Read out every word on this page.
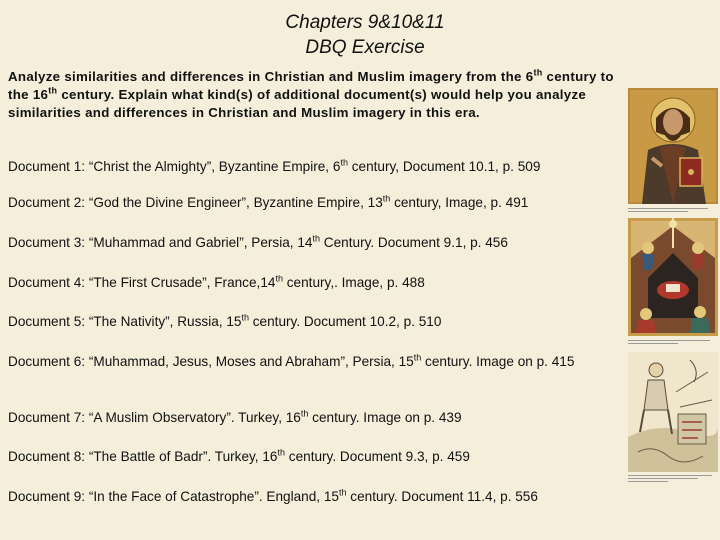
Chapters 9&10&11
DBQ Exercise
Analyze similarities and differences in Christian and Muslim imagery from the 6th century to the 16th century. Explain what kind(s) of additional document(s) would help you analyze similarities and differences in Christian and Muslim imagery in this era.
Document 1: “Christ the Almighty”, Byzantine Empire, 6th century, Document 10.1, p. 509
Document 2: “God the Divine Engineer”, Byzantine Empire, 13th century, Image, p. 491
Document 3: “Muhammad and Gabriel”, Persia, 14th Century. Document 9.1, p. 456
Document 4: “The First Crusade”, France,14th century,. Image, p. 488
Document 5: “The Nativity”, Russia, 15th century. Document 10.2, p. 510
Document 6: “Muhammad, Jesus, Moses and Abraham”, Persia, 15th century. Image on p. 415
Document 7: “A Muslim Observatory”. Turkey, 16th century. Image on p. 439
Document 8: “The Battle of Badr”. Turkey, 16th century. Document 9.3, p. 459
Document 9: “In the Face of Catastrophe”. England, 15th century. Document 11.4, p. 556
